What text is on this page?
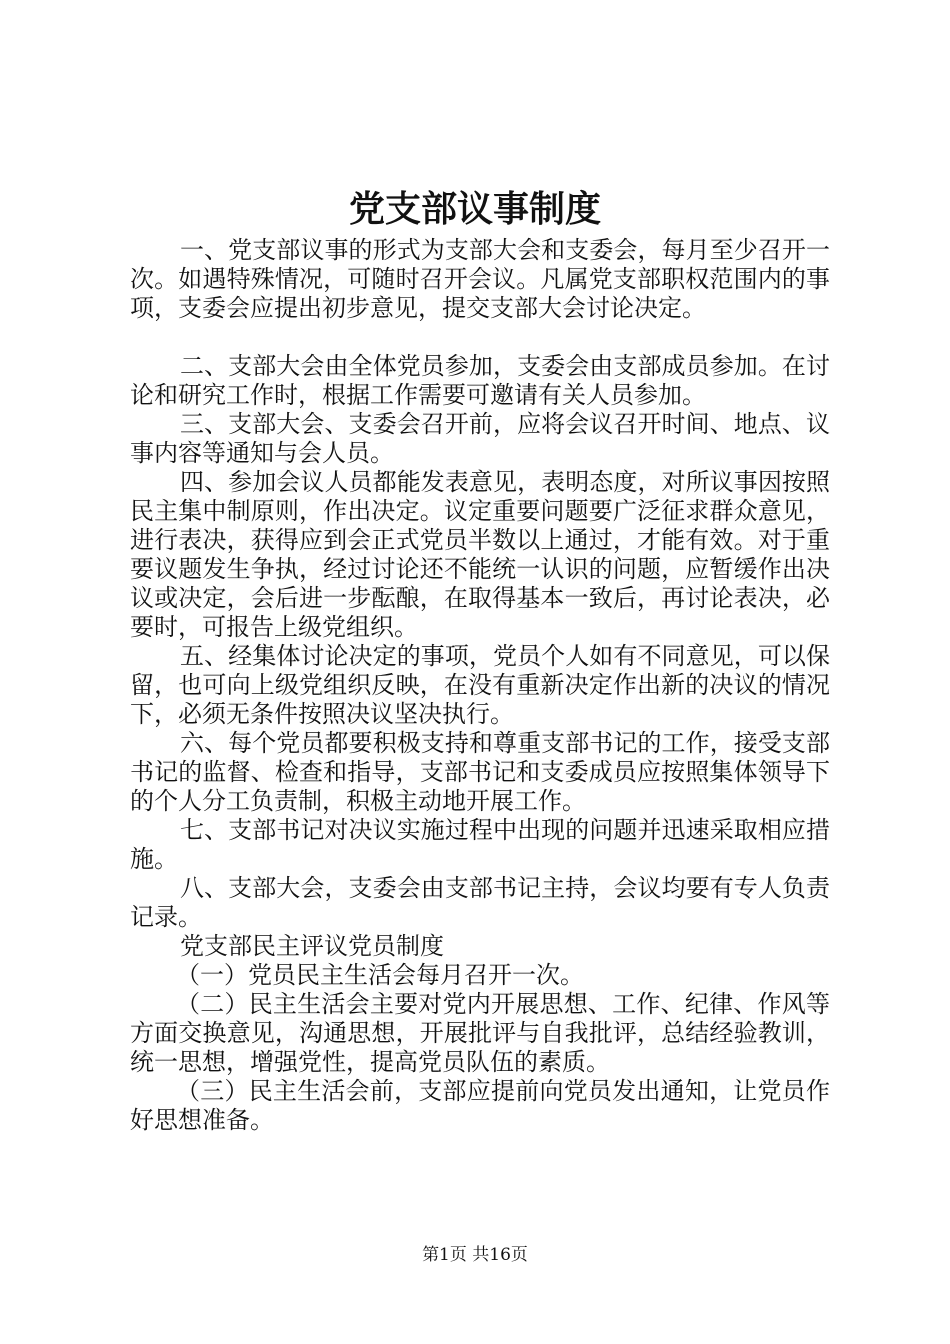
党支部议事制度

一、党支部议事的形式为支部大会和支委会，每月至少召开一次。如遇特殊情况，可随时召开会议。凡属党支部职权范围内的事项，支委会应提出初步意见，提交支部大会讨论决定。

二、支部大会由全体党员参加，支委会由支部成员参加。在讨论和研究工作时，根据工作需要可邀请有关人员参加。

三、支部大会、支委会召开前，应将会议召开时间、地点、议事内容等通知与会人员。

四、参加会议人员都能发表意见，表明态度，对所议事因按照民主集中制原则，作出决定。议定重要问题要广泛征求群众意见，进行表决，获得应到会正式党员半数以上通过，才能有效。对于重要议题发生争执，经过讨论还不能统一认识的问题，应暂缓作出决议或决定，会后进一步酝酿，在取得基本一致后，再讨论表决，必要时，可报告上级党组织。

五、经集体讨论决定的事项，党员个人如有不同意见，可以保留，也可向上级党组织反映，在没有重新决定作出新的决议的情况下，必须无条件按照决议坚决执行。

六、每个党员都要积极支持和尊重支部书记的工作，接受支部书记的监督、检查和指导，支部书记和支委成员应按照集体领导下的个人分工负责制，积极主动地开展工作。

七、支部书记对决议实施过程中出现的问题并迅速采取相应措施。

八、支部大会，支委会由支部书记主持，会议均要有专人负责记录。

党支部民主评议党员制度

（一）党员民主生活会每月召开一次。

（二）民主生活会主要对党内开展思想、工作、纪律、作风等方面交换意见，沟通思想，开展批评与自我批评，总结经验教训，统一思想，增强党性，提高党员队伍的素质。

（三）民主生活会前，支部应提前向党员发出通知，让党员作好思想准备。

第1页 共16页
